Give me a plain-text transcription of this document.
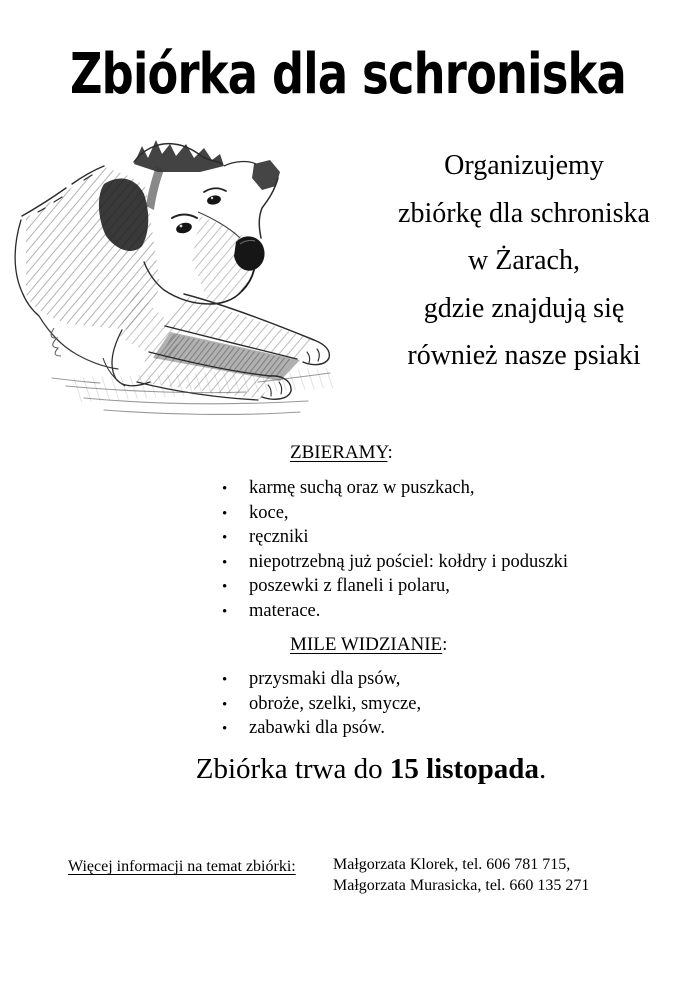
Zbiórka dla schroniska
Organizujemy
zbiórkę dla schroniska
w Żarach,
gdzie znajdują się
również nasze psiaki
ZBIERAMY:
• karmę suchą oraz w puszkach,
• koce,
• ręczniki
• niepotrzebną już pościel: kołdry i poduszki
• poszewki z flaneli i polaru,
• materace.
MILE WIDZIANIE:
• przysmaki dla psów,
• obroże, szelki, smycze,
• zabawki dla psów.
Zbiórka trwa do 15 listopada.
Więcej informacji na temat zbiórki: Małgorzata Klorek, tel. 606 781 715,
Małgorzata Murasicka, tel. 660 135 271
